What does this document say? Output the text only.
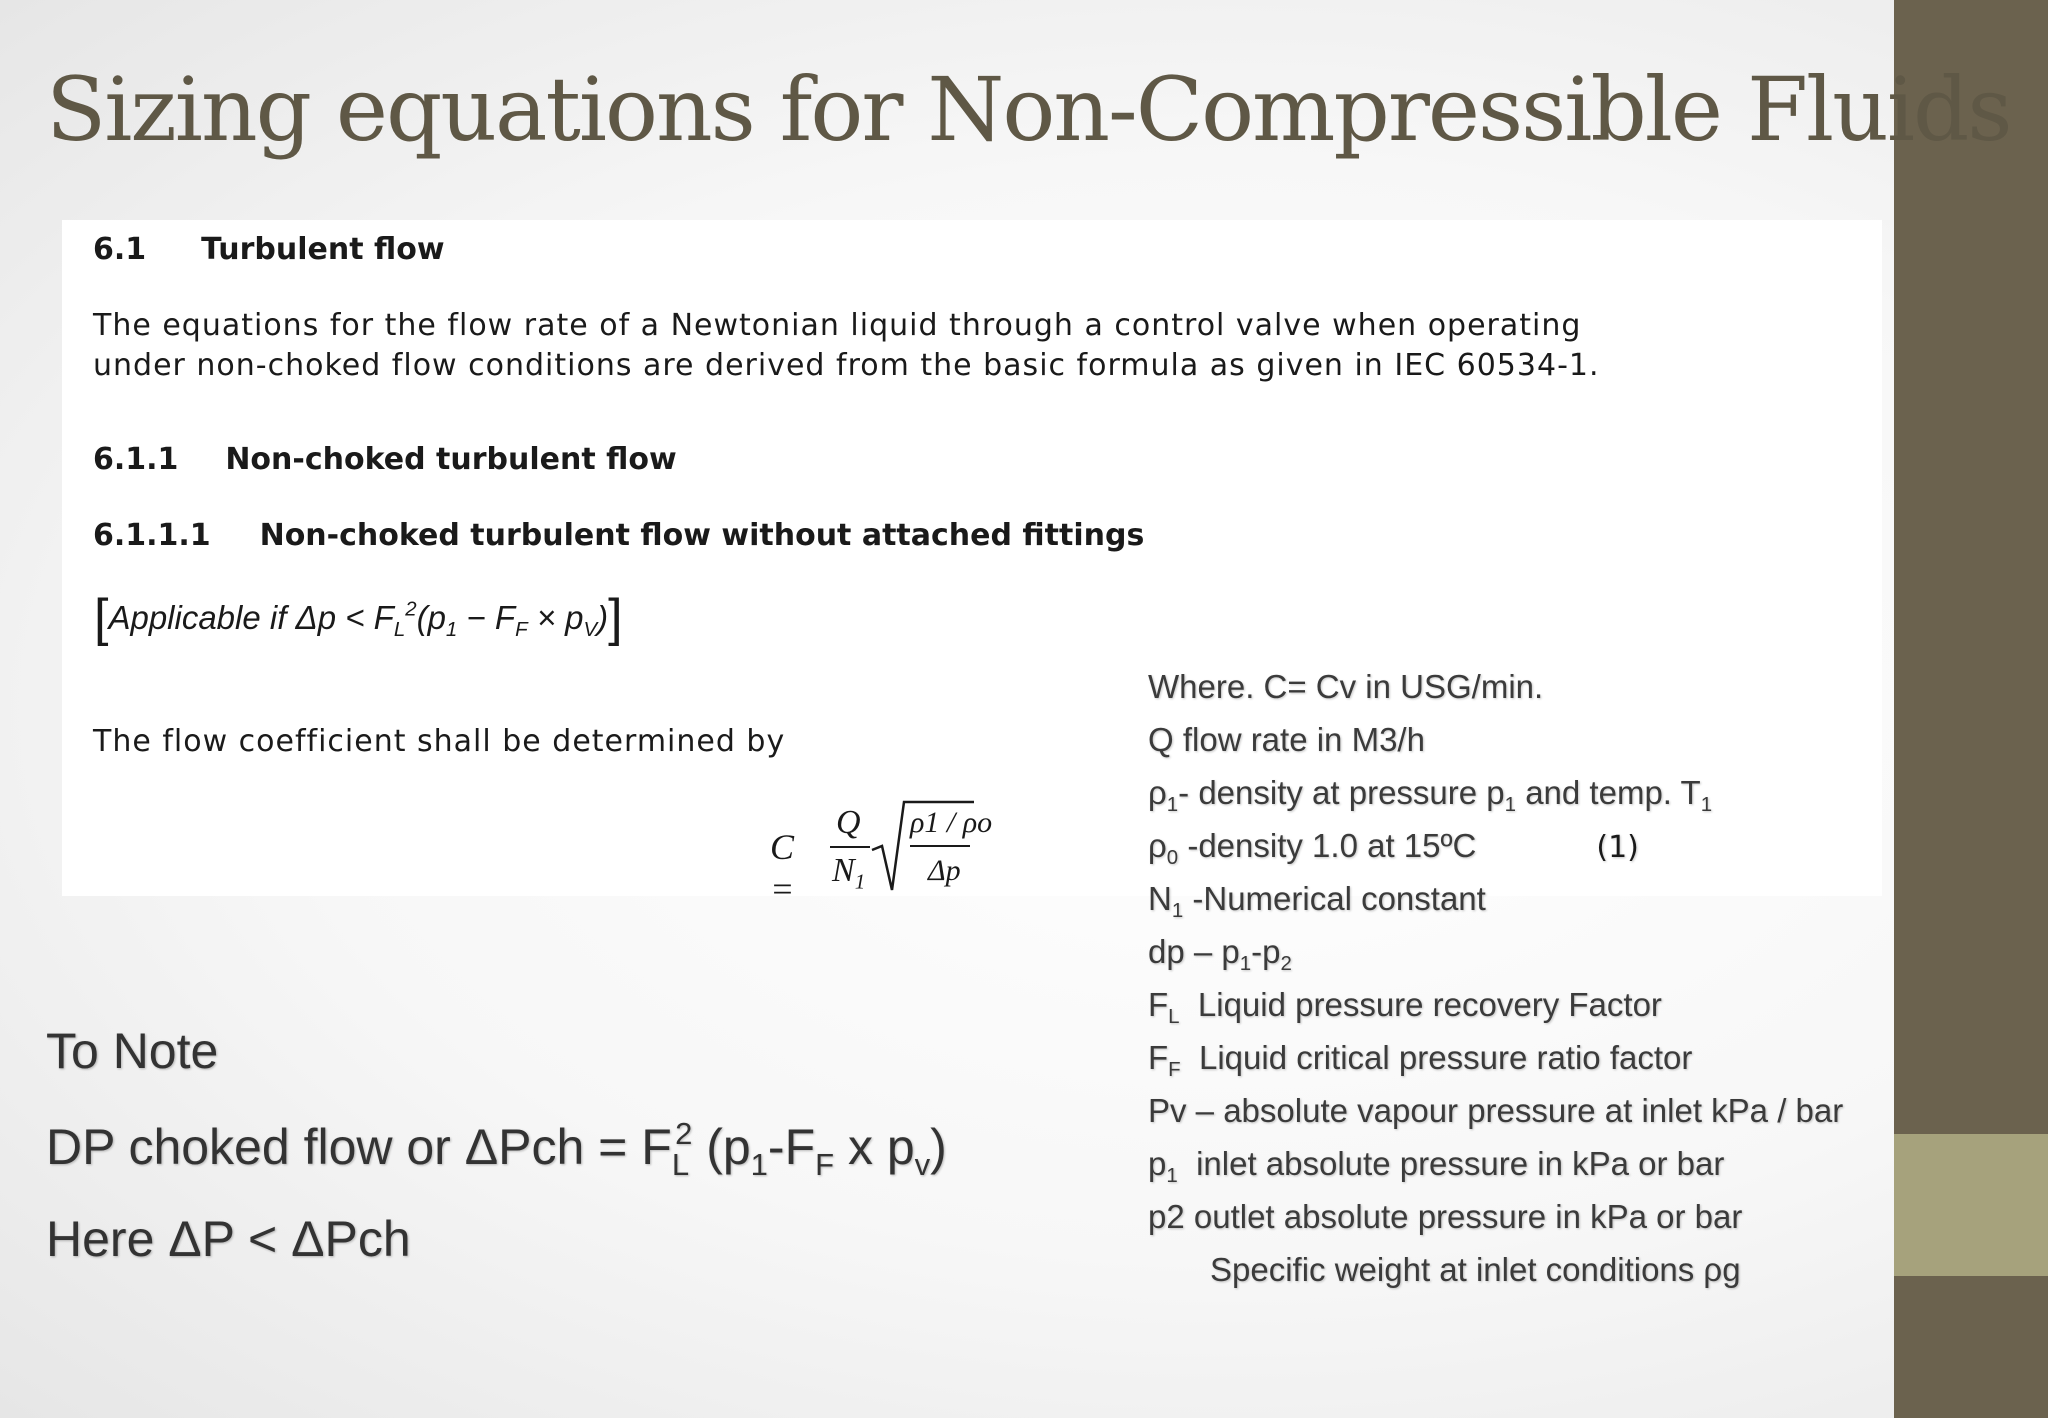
Sizing equations for Non-Compressible Fluids
6.1 Turbulent flow
The equations for the flow rate of a Newtonian liquid through a control valve when operating
under non-choked flow conditions are derived from the basic formula as given in IEC 60534-1.
6.1.1 Non-choked turbulent flow
6.1.1.1 Non-choked turbulent flow without attached fittings
[Applicable if $\Delta p < F_L^2(p_1 - F_F \times p_V)$]
The flow coefficient shall be determined by
C =
Q
$N_1$
ρ1 / ρo
Δp
To Note
DP choked flow or $\Delta Pch = F_L^2$ ($p_1-F_F$ x $p_v$)
Here ΔP < ΔPch
Where. C= Cv in USG/min.
Q flow rate in M3/h
$\rho_1-$ density at pressure $p_1$ and temp. $T_1$
$\rho_0$ -density 1.0 at 15ºC	(1)
$N_1$ -Numerical constant
dp – $p_1-p_2$
$F_L$  Liquid pressure recovery Factor
$F_F$  Liquid critical pressure ratio factor
Pv – absolute vapour pressure at inlet kPa / bar
$p_1$  inlet absolute pressure in kPa or bar
p2 outlet absolute pressure in kPa or bar
Specific weight at inlet conditions ρg
